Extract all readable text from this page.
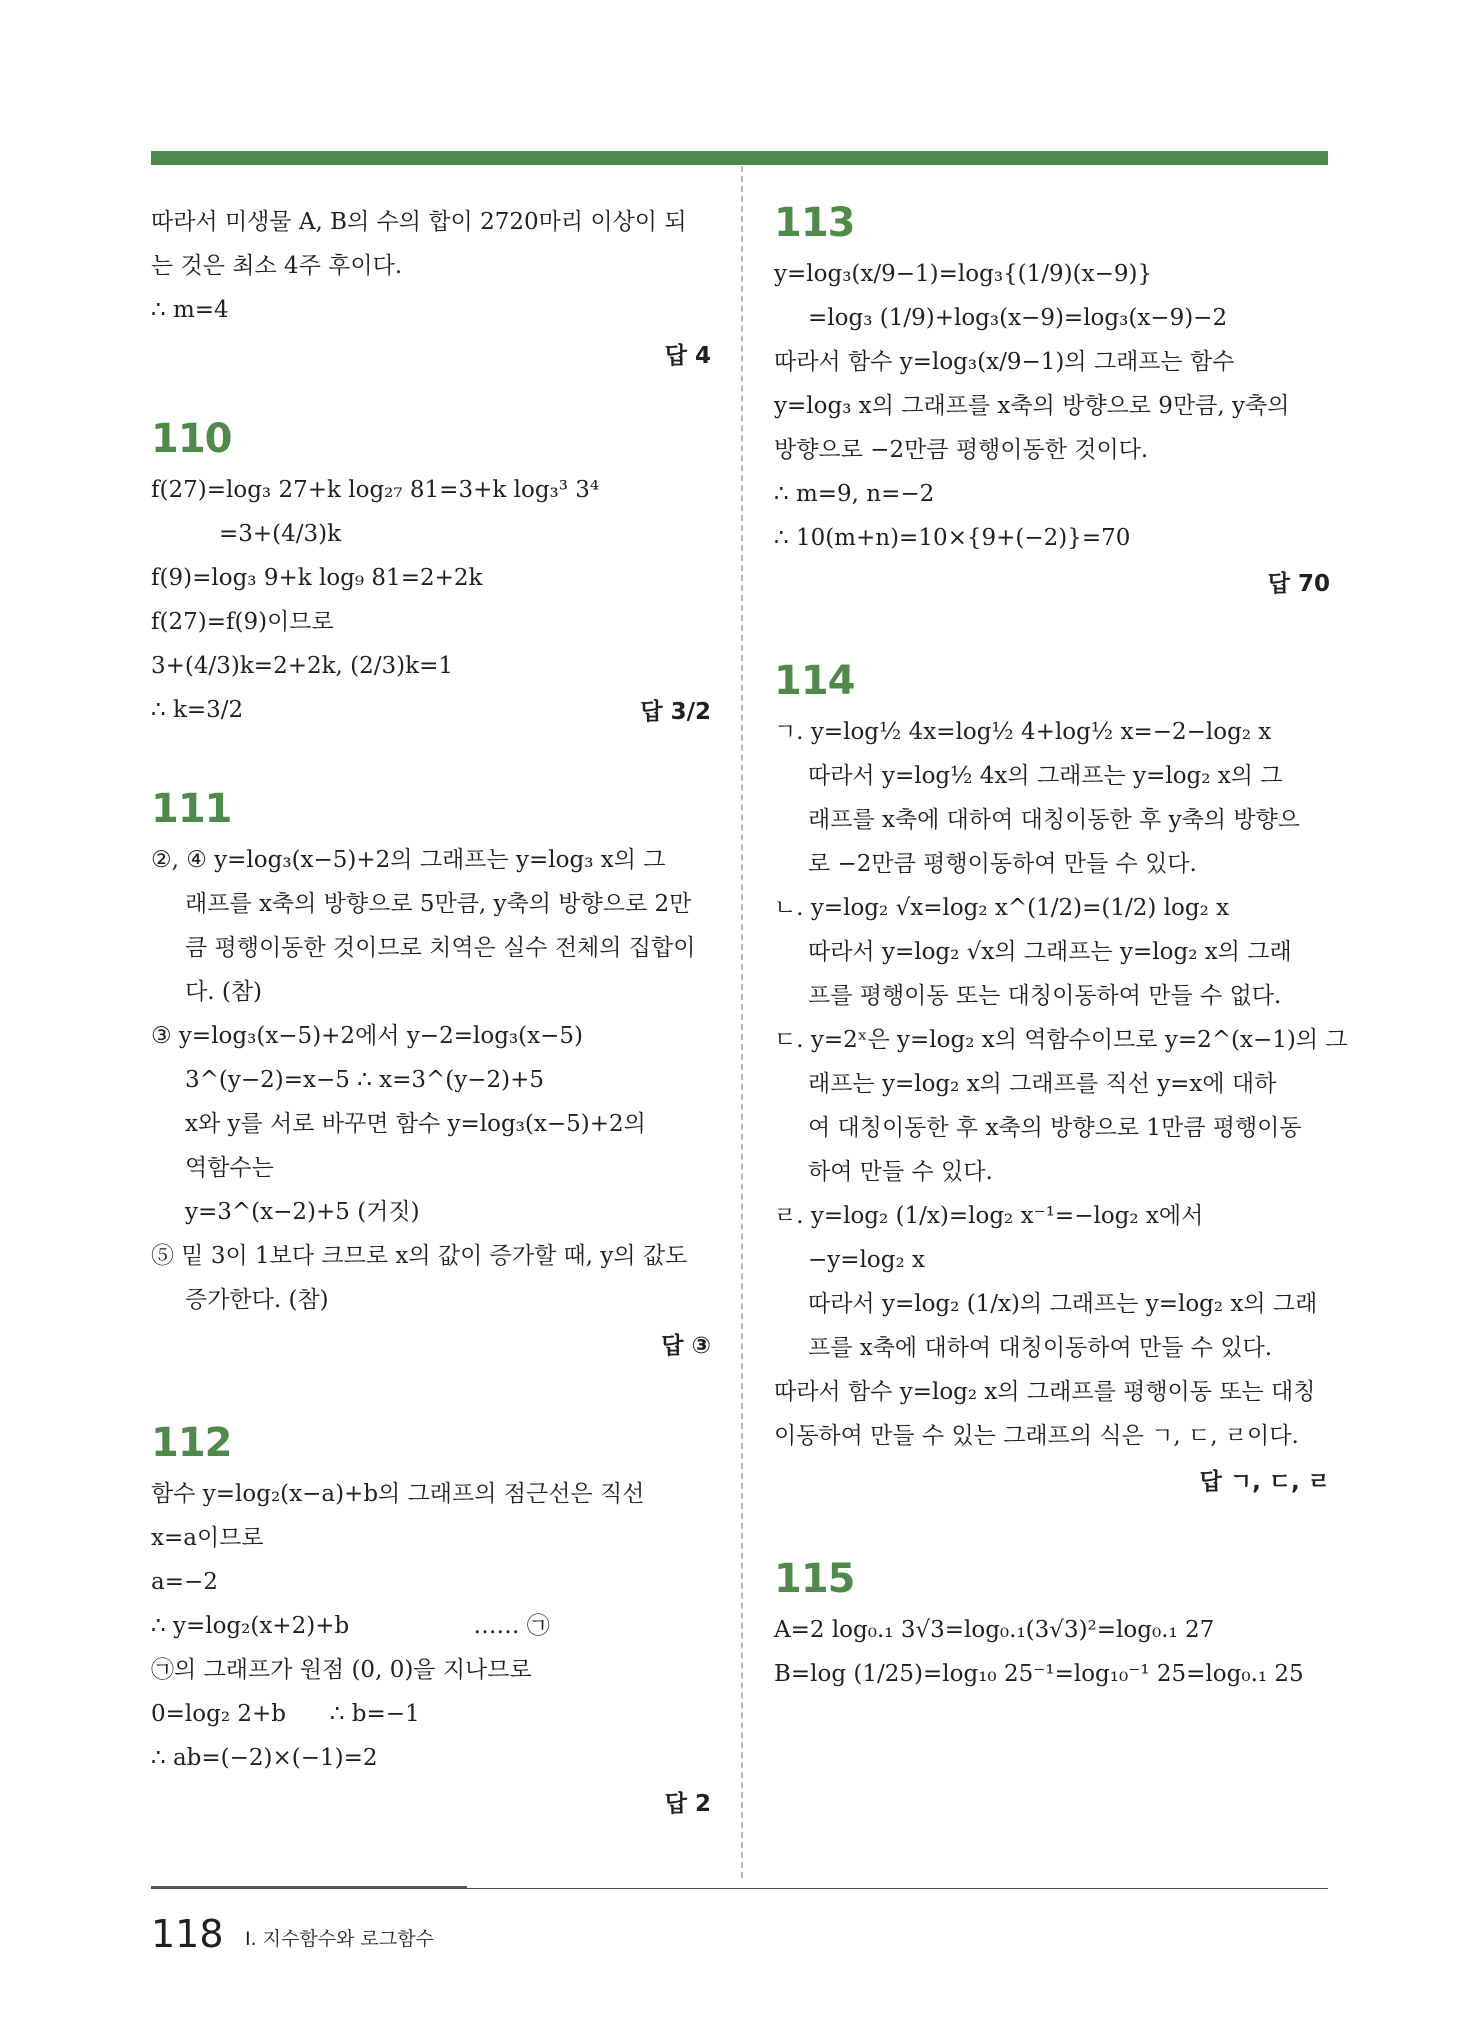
따라서 미생물 A, B의 수의 합이 2720마리 이상이 되
는 것은 최소 4주 후이다.
∴ m=4
답 4
110
f(27)=log₃ 27+k log₂₇ 81=3+k log₃³ 3⁴
=3+(4/3)k
f(9)=log₃ 9+k log₉ 81=2+2k
f(27)=f(9)이므로
3+(4/3)k=2+2k, (2/3)k=1
∴ k=3/2	답 3/2
111
②, ④ y=log₃(x−5)+2의 그래프는 y=log₃ x의 그
래프를 x축의 방향으로 5만큼, y축의 방향으로 2만
큼 평행이동한 것이므로 치역은 실수 전체의 집합이
다. (참)
③ y=log₃(x−5)+2에서 y−2=log₃(x−5)
3^(y−2)=x−5 ∴ x=3^(y−2)+5
x와 y를 서로 바꾸면 함수 y=log₃(x−5)+2의
역함수는
y=3^(x−2)+5 (거짓)
⑤ 밑 3이 1보다 크므로 x의 값이 증가할 때, y의 값도
증가한다. (참)
답 ③
112
함수 y=log₂(x−a)+b의 그래프의 점근선은 직선
x=a이므로
a=−2
∴ y=log₂(x+2)+b                 …… ㉠
㉠의 그래프가 원점 (0, 0)을 지나므로
0=log₂ 2+b      ∴ b=−1
∴ ab=(−2)×(−1)=2
답 2
113
y=log₃(x/9−1)=log₃{(1/9)(x−9)}
=log₃ (1/9)+log₃(x−9)=log₃(x−9)−2
따라서 함수 y=log₃(x/9−1)의 그래프는 함수
y=log₃ x의 그래프를 x축의 방향으로 9만큼, y축의
방향으로 −2만큼 평행이동한 것이다.
∴ m=9, n=−2
∴ 10(m+n)=10×{9+(−2)}=70
답 70
114
ㄱ. y=log½ 4x=log½ 4+log½ x=−2−log₂ x
따라서 y=log½ 4x의 그래프는 y=log₂ x의 그
래프를 x축에 대하여 대칭이동한 후 y축의 방향으
로 −2만큼 평행이동하여 만들 수 있다.
ㄴ. y=log₂ √x=log₂ x^(1/2)=(1/2) log₂ x
따라서 y=log₂ √x의 그래프는 y=log₂ x의 그래
프를 평행이동 또는 대칭이동하여 만들 수 없다.
ㄷ. y=2ˣ은 y=log₂ x의 역함수이므로 y=2^(x−1)의 그
래프는 y=log₂ x의 그래프를 직선 y=x에 대하
여 대칭이동한 후 x축의 방향으로 1만큼 평행이동
하여 만들 수 있다.
ㄹ. y=log₂ (1/x)=log₂ x⁻¹=−log₂ x에서
−y=log₂ x
따라서 y=log₂ (1/x)의 그래프는 y=log₂ x의 그래
프를 x축에 대하여 대칭이동하여 만들 수 있다.
따라서 함수 y=log₂ x의 그래프를 평행이동 또는 대칭
이동하여 만들 수 있는 그래프의 식은 ㄱ, ㄷ, ㄹ이다.
답 ㄱ, ㄷ, ㄹ
115
A=2 log₀.₁ 3√3=log₀.₁(3√3)²=log₀.₁ 27
B=log (1/25)=log₁₀ 25⁻¹=log₁₀⁻¹ 25=log₀.₁ 25
118 Ⅰ. 지수함수와 로그함수
